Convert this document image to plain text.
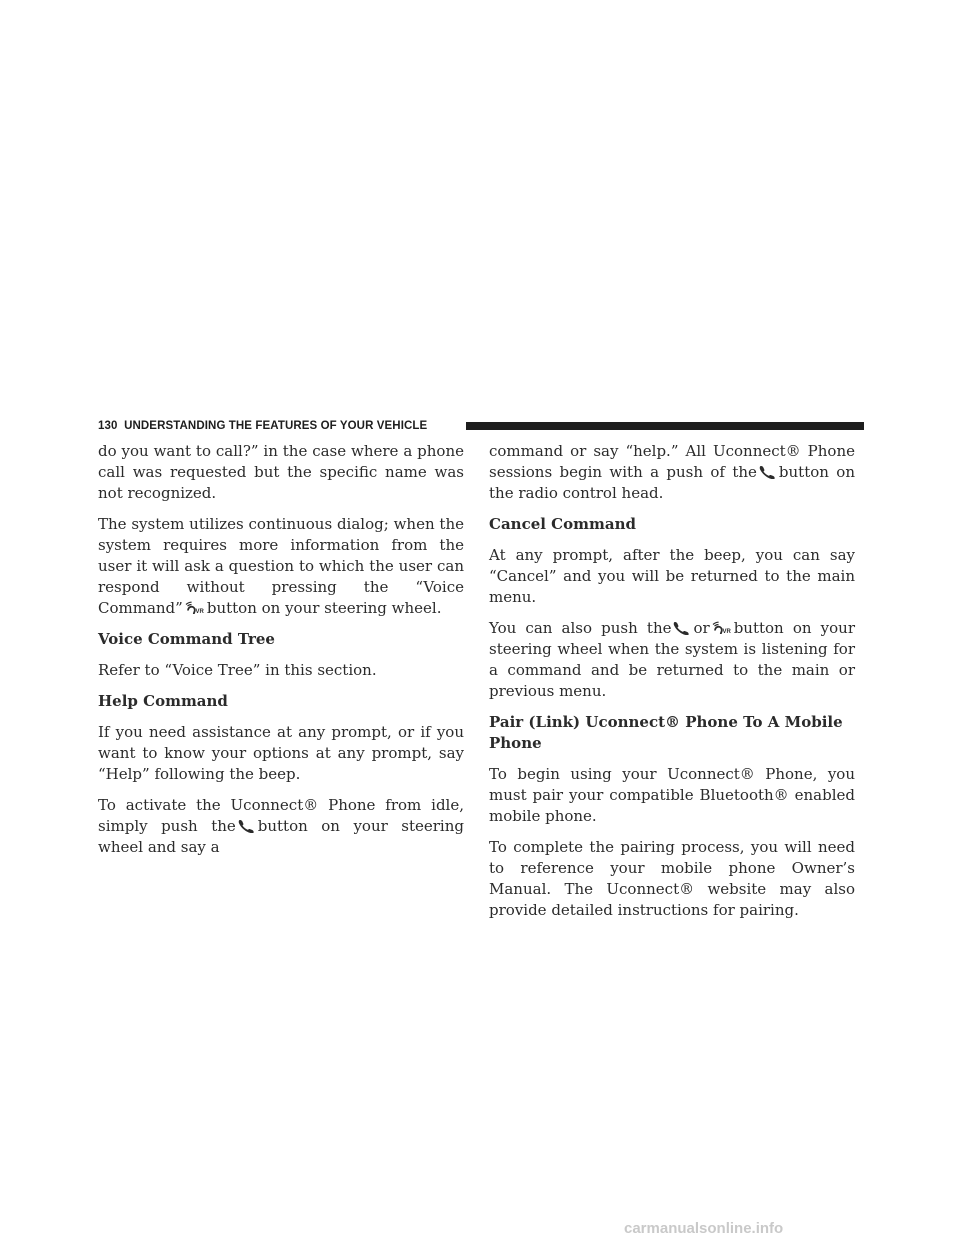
130 UNDERSTANDING THE FEATURES OF YOUR VEHICLE

do you want to call?” in the case where a phone call was requested but the specific name was not recognized.

The system utilizes continuous dialog; when the system requires more information from the user it will ask a question to which the user can respond without pressing the “Voice Command” VR button on your steering wheel.

Voice Command Tree

Refer to “Voice Tree” in this section.

Help Command

If you need assistance at any prompt, or if you want to know your options at any prompt, say “Help” following the beep.

To activate the Uconnect® Phone from idle, simply push the button on your steering wheel and say a

command or say “help.” All Uconnect® Phone sessions begin with a push of the button on the radio control head.

Cancel Command

At any prompt, after the beep, you can say “Cancel” and you will be returned to the main menu.

You can also push the or VR button on your steering wheel when the system is listening for a command and be returned to the main or previous menu.

Pair (Link) Uconnect® Phone To A Mobile Phone

To begin using your Uconnect® Phone, you must pair your compatible Bluetooth® enabled mobile phone.

To complete the pairing process, you will need to reference your mobile phone Owner’s Manual. The Uconnect® website may also provide detailed instructions for pairing.

carmanualsonline.info
